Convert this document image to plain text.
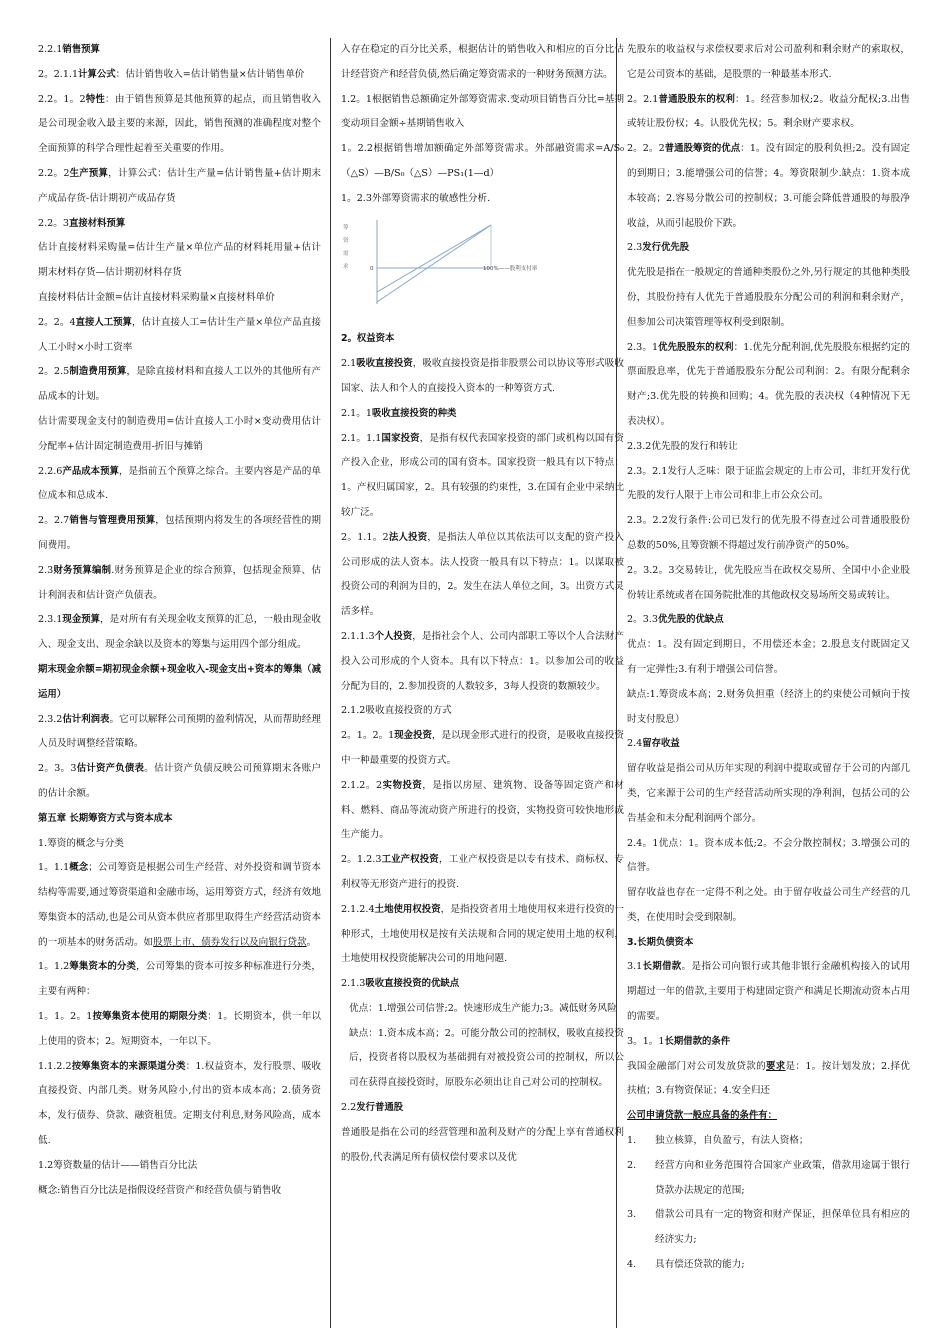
2.2.1销售预算

2。2.1.1计算公式：估计销售收入=估计销售量×估计销售单价

2.2。1。2特性：由于销售预算是其他预算的起点，而且销售收入是公司现金收入最主要的来源，因此，销售预测的准确程度对整个全面预算的科学合理性起着至关重要的作用。

2.2。2生产预算，计算公式：估计生产量=估计销售量+估计期末产成品存货-估计期初产成品存货

2.2。3直接材料预算

估计直接材料采购量=估计生产量×单位产品的材料耗用量+估计期末材料存货—估计期初材料存货

直接材料估计金额=估计直接材料采购量×直接材料单价

2。2。4直接人工预算，估计直接人工=估计生产量×单位产品直接人工小时×小时工资率

2。2.5制造费用预算，是除直接材料和直接人工以外的其他所有产品成本的计划。

估计需要现金支付的制造费用=估计直接人工小时×变动费用估计分配率+估计固定制造费用-折旧与摊销

2.2.6产品成本预算，是指前五个预算之综合。主要内容是产品的单位成本和总成本.

2。2.7销售与管理费用预算，包括预期内将发生的各项经营性的期间费用。

2.3财务预算编制.财务预算是企业的综合预算，包括现金预算、估计利润表和估计资产负债表。

2.3.1现金预算，是对所有有关现金收支预算的汇总，一般由现金收入、现金支出、现金余缺以及资本的筹集与运用四个部分组成。

期末现金余额=期初现金余额+现金收入-现金支出+资本的筹集（减运用）

2.3.2估计利润表。它可以解释公司预期的盈利情况，从而帮助经理人员及时调整经营策略。

2。3。3估计资产负债表。估计资产负债反映公司预算期末各账户的估计余额。

第五章 长期筹资方式与资本成本

1.筹资的概念与分类

1。1.1概念；公司筹资是根据公司生产经营、对外投资和调节资本结构等需要,通过筹资渠道和金融市场，运用筹资方式，经济有效地筹集资本的活动,也是公司从资本供应者那里取得生产经营活动资本的一项基本的财务活动。如股票上市、债券发行以及向银行贷款。

1。1.2筹集资本的分类，公司筹集的资本可按多种标准进行分类，主要有两种：

1。1。2。1按筹集资本使用的期限分类：1。长期资本，供一年以上使用的资本；2。短期资本，一年以下。

1.1.2.2按筹集资本的来源渠道分类：1.权益资本，发行股票、吸收直接投资、内部几类。财务风险小,付出的资本成本高；2.债务资本，发行债券、贷款、融资租赁。定期支付利息,财务风险高，成本低.

1.2筹资数量的估计——销售百分比法

概念:销售百分比法是指假设经营资产和经营负债与销售收

入存在稳定的百分比关系，根据估计的销售收入和相应的百分比估计经营资产和经营负债,然后确定筹资需求的一种财务预测方法。

1.2。1根据销售总额确定外部筹资需求.变动项目销售百分比=基期变动项目金额÷基期销售收入

1。2.2根据销售增加额确定外部筹资需求。外部融资需求=A/S₀（△S）—B/S₀（△S）—PS₁(1—d）

1。2.3外部筹资需求的敏感性分析.

筹
资
需
求	0	100%——股利支付率

2。权益资本

2.1吸收直接投资，吸收直接投资是指非股票公司以协议等形式吸收国家、法人和个人的直接投入资本的一种筹资方式.

2.1。1吸收直接投资的种类

2.1。1.1国家投资，是指有权代表国家投资的部门或机构以国有资产投入企业，形成公司的国有资本。国家投资一般具有以下特点：1。产权归属国家，2。具有较强的约束性，3.在国有企业中采纳比较广泛。

2。1.1。2法人投资，是指法人单位以其依法可以支配的资产投入公司形成的法人资本。法人投资一般具有以下特点：1。以谋取被投资公司的利润为目的，2。发生在法人单位之间，3。出资方式灵活多样。

2.1.1.3个人投资，是指社会个人、公司内部职工等以个人合法财产投入公司形成的个人资本。具有以下特点：1。以参加公司的收益分配为目的，2.参加投资的人数较多，3每人投资的数额较少。

2.1.2吸收直接投资的方式

2。1。2。1现金投资，是以现金形式进行的投资，是吸收直接投资中一种最重要的投资方式。

2.1.2。2实物投资，是指以房屋、建筑物、设备等固定资产和材料、燃料、商品等流动资产所进行的投资，实物投资可较快地形成生产能力。

2。1.2.3工业产权投资，工业产权投资是以专有技术、商标权、专利权等无形资产进行的投资.

2.1.2.4土地使用权投资，是指投资者用土地使用权来进行投资的一种形式，土地使用权是按有关法规和合同的规定使用土地的权利，土地使用权投资能解决公司的用地问题.

2.1.3吸收直接投资的优缺点

优点：1.增强公司信誉;2。快速形成生产能力;3。减低财务风险

缺点：1.资本成本高；2。可能分散公司的控制权，吸收直接投资后，投资者将以股权为基础拥有对被投资公司的控制权，所以公司在获得直接投资时，原股东必须出让自己对公司的控制权。

2.2发行普通股

普通股是指在公司的经营管理和盈利及财产的分配上享有普通权利的股份,代表满足所有债权偿付要求以及优

先股东的收益权与求偿权要求后对公司盈利和剩余财产的索取权，它是公司资本的基础，是股票的一种最基本形式.

2。2.1普通股股东的权利：1。经营参加权;2。收益分配权;3.出售或转让股份权；4。认股优先权；5。剩余财产要求权。

2。2。2普通股筹资的优点：1。没有固定的股利负担;2。没有固定的到期日；3.能增强公司的信誉；4。筹资限制少.缺点：1.资本成本较高；2.容易分散公司的控制权；3.可能会降低普通股的每股净收益，从而引起股价下跌。

2.3发行优先股

优先股是指在一般规定的普通种类股份之外,另行规定的其他种类股份，其股份持有人优先于普通股股东分配公司的利润和剩余财产，但参加公司决策管理等权利受到限制。

2.3。1优先股股东的权利：1.优先分配利润,优先股股东根据约定的票面股息率，优先于普通股股东分配公司利润：2。有限分配剩余财产;3.优先股的转换和回购；4。优先股的表决权（4种情况下无表决权）。

2.3.2优先股的发行和转让

2.3。2.1发行人乏味：限于证监会规定的上市公司，非红开发行优先股的发行人限于上市公司和非上市公众公司。

2.3。2.2发行条件:公司已发行的优先股不得查过公司普通股股份总数的50%,且筹资额不得超过发行前净资产的50%。

2。3.2。3交易转让，优先股应当在政权交易所、全国中小企业股份转让系统或者在国务院批准的其他政权交易场所交易或转让。

2。3.3优先股的优缺点

优点：1。没有固定到期日，不用偿还本金；2.股息支付既固定又有一定弹性;3.有利于增强公司信誉。

缺点:1.筹资成本高；2.财务负担重（经济上的约束使公司倾向于按时支付股息）

2.4留存收益

留存收益是指公司从历年实现的利润中提取或留存于公司的内部几类，它来源于公司的生产经营活动所实现的净利润，包括公司的公告基金和未分配利润两个部分。

2.4。1优点：1。资本成本低;2。不会分散控制权；3.增强公司的信誉。

留存收益也存在一定得不利之处。由于留存收益公司生产经营的几类，在使用时会受到限制。

3.长期负债资本

3.1长期借款。是指公司向银行或其他非银行金融机构接入的试用期超过一年的借款,主要用于构建固定资产和满足长期流动资本占用的需要。

3。1。1长期借款的条件

我国金融部门对公司发放贷款的要求是：1。按计划发放；2.择优扶植；3.有物资保证；4.安全归还

公司申请贷款一般应具备的条件有：

1.	独立核算，自负盈亏，有法人资格；
2.	经营方向和业务范围符合国家产业政策，借款用途属于银行贷款办法规定的范围;
3.	借款公司具有一定的物资和财产保证，担保单位具有相应的经济实力;
4.	具有偿还贷款的能力;
